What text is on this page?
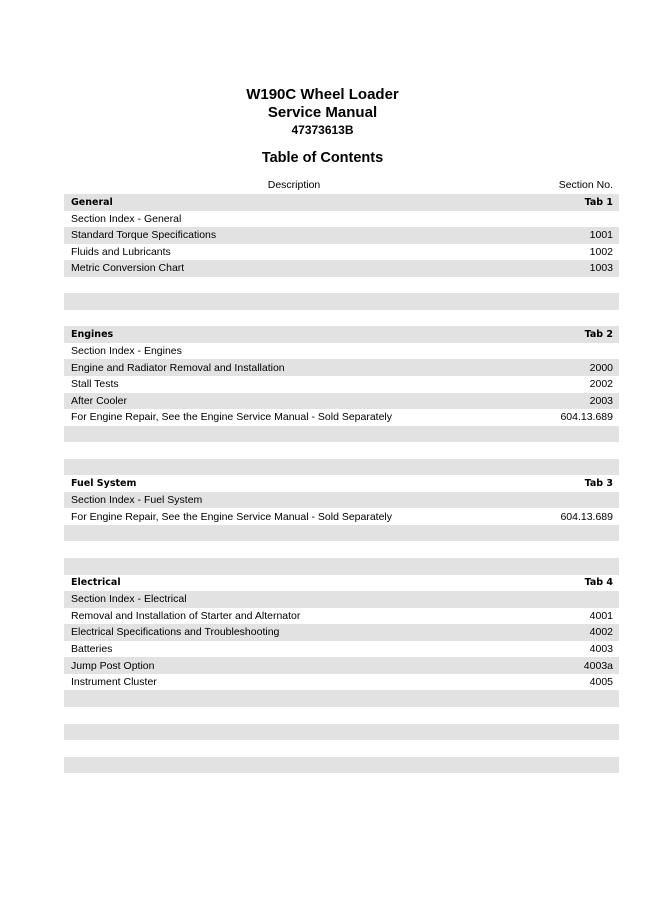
W190C Wheel Loader
Service Manual
47373613B
Table of Contents
Description	Section No.
General	Tab 1
Section Index - General
Standard Torque Specifications	1001
Fluids and Lubricants	1002
Metric Conversion Chart	1003
Engines	Tab 2
Section Index - Engines
Engine and Radiator Removal and Installation	2000
Stall Tests	2002
After Cooler	2003
For Engine Repair, See the Engine Service Manual - Sold Separately	604.13.689
Fuel System	Tab 3
Section Index - Fuel System
For Engine Repair, See the Engine Service Manual - Sold Separately	604.13.689
Electrical	Tab 4
Section Index - Electrical
Removal and Installation of Starter and Alternator	4001
Electrical Specifications and Troubleshooting	4002
Batteries	4003
Jump Post Option	4003a
Instrument Cluster	4005
